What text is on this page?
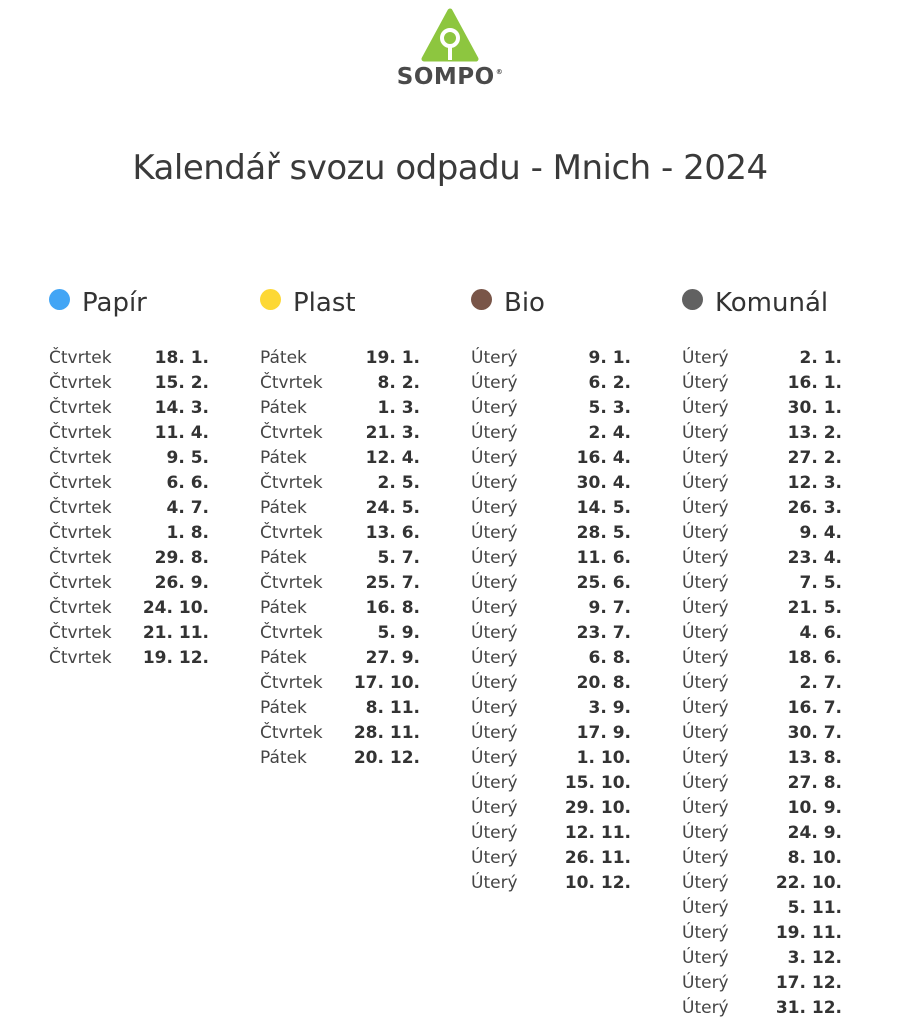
SOMPO®
Kalendář svozu odpadu - Mnich - 2024
Papír
Čtvrtek	18. 1.
Čtvrtek	15. 2.
Čtvrtek	14. 3.
Čtvrtek	11. 4.
Čtvrtek	9. 5.
Čtvrtek	6. 6.
Čtvrtek	4. 7.
Čtvrtek	1. 8.
Čtvrtek	29. 8.
Čtvrtek	26. 9.
Čtvrtek 24. 10.
Čtvrtek 21. 11.
Čtvrtek 19. 12.
Plast
Pátek	19. 1.
Čtvrtek	8. 2.
Pátek	1. 3.
Čtvrtek	21. 3.
Pátek	12. 4.
Čtvrtek	2. 5.
Pátek	24. 5.
Čtvrtek	13. 6.
Pátek	5. 7.
Čtvrtek	25. 7.
Pátek	16. 8.
Čtvrtek	5. 9.
Pátek	27. 9.
Čtvrtek 17. 10.
Pátek	8. 11.
Čtvrtek 28. 11.
Pátek	20. 12.
Bio
Úterý	9. 1.
Úterý	6. 2.
Úterý	5. 3.
Úterý	2. 4.
Úterý	16. 4.
Úterý	30. 4.
Úterý	14. 5.
Úterý	28. 5.
Úterý	11. 6.
Úterý	25. 6.
Úterý	9. 7.
Úterý	23. 7.
Úterý	6. 8.
Úterý	20. 8.
Úterý	3. 9.
Úterý	17. 9.
Úterý	1. 10.
Úterý	15. 10.
Úterý	29. 10.
Úterý	12. 11.
Úterý	26. 11.
Úterý	10. 12.
Komunál
Úterý	2. 1.
Úterý	16. 1.
Úterý	30. 1.
Úterý	13. 2.
Úterý	27. 2.
Úterý	12. 3.
Úterý	26. 3.
Úterý	9. 4.
Úterý	23. 4.
Úterý	7. 5.
Úterý	21. 5.
Úterý	4. 6.
Úterý	18. 6.
Úterý	2. 7.
Úterý	16. 7.
Úterý	30. 7.
Úterý	13. 8.
Úterý	27. 8.
Úterý	10. 9.
Úterý	24. 9.
Úterý	8. 10.
Úterý	22. 10.
Úterý	5. 11.
Úterý	19. 11.
Úterý	3. 12.
Úterý	17. 12.
Úterý	31. 12.
